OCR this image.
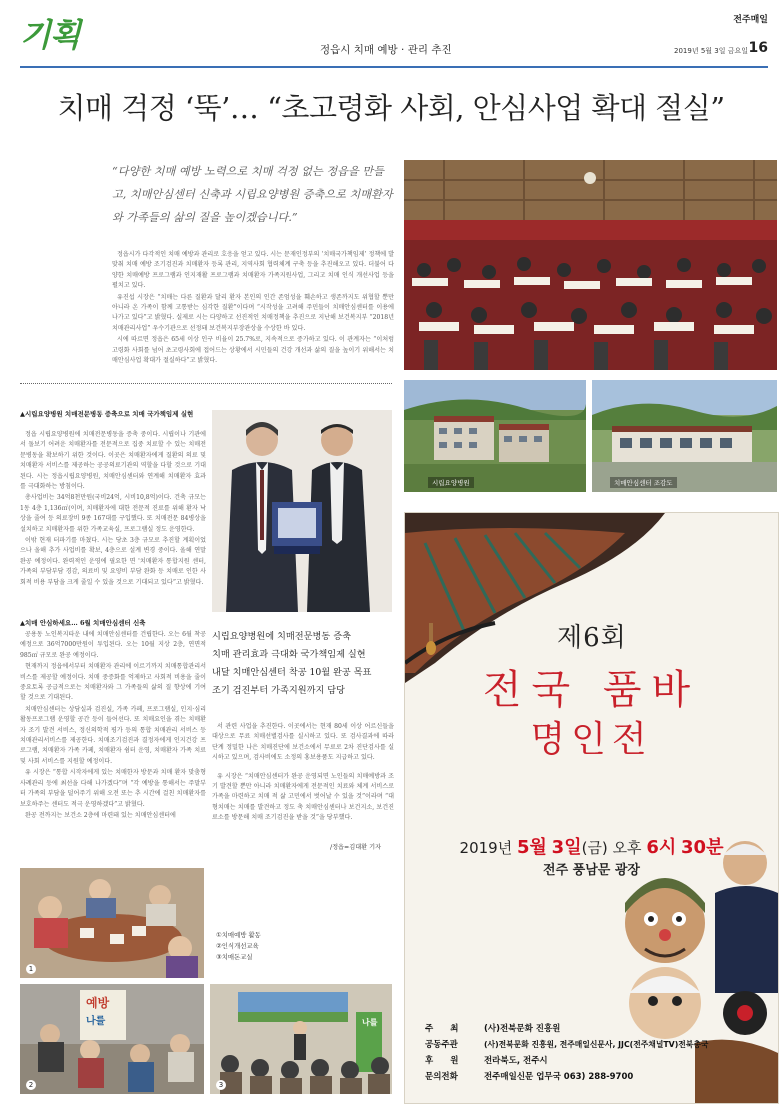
기획	정읍시 치매 예방 · 관리 추진
전주매일
2019년 5월 3일 금요일 16
치매 걱정 ‘뚝’… “초고령화 사회, 안심사업 확대 절실”
“다양한 치매 예방 노력으로 치매 걱정 없는 정읍을 만들고, 치매안심센터 신축과 시립요양병원 증축으로 치매환자와 가족들의 삶의 질을 높이겠습니다.”

정읍시가 다각적인 치매 예방과 관리로 호응을 얻고 있다. 시는 문재인정부의 ‘치매국가책임제’ 정책에 발맞춰 치매 예방 조기검진과 치매환자 등록 관리, 지역사회 협력체계 구축 등을 추진해오고 있다. 더불어 다양한 치매예방 프로그램과 인지재활 프로그램과 치매환자 가족지원사업, 그리고 치매 인식 개선사업 등을 펼치고 있다.

유진섭 시장은 “치매는 다른 질환과 달리 환자 본인의 인간 존엄성을 훼손하고 생존까지도 위협할 뿐만 아니라 온 가족이 함께 고통받는 심각한 질환”이다며 “시작성을 고려해 주민들이 치매안심센터를 이용에 나가고 있다”고 밝혔다. 실제로 시는 다양하고 선진적인 치매정책을 추진으로 지난해 보건복지부 “2018년 치매관리사업” 우수기관으로 선정돼 보건복지부장관상을 수상한 바 있다.

시에 따르면 정읍은 65세 이상 인구 비율이 25.7%로, 지속적으로 증가하고 있다. 이 관계자는 “이처럼 고령화 사회를 넘어 초고령사회에 접어드는 상황에서 시민들의 건강 개선과 삶의 질을 높이기 위해서는 치매안심사업 확대가 절실하다”고 밝혔다.

시립요양병원	치매안심센터 조감도
▲시립요양병원 치매전문병동 증축으로 치매 국가책임제 실현

정읍 시립요양병원에 치매전문병동을 증축 중이다. 시립이나 기관에서 돌보기 어려운 치매환자를 전문적으로 집중 치료할 수 있는 치매전문병동을 확보하기 위한 것이다. 이곳은 치매환자에게 질환의 의료 및 치매환자 서비스를 제공하는 공공의료기관의 역할을 다할 것으로 기대된다. 시는 정읍시립요양병원, 치매안심센터와 연계해 치매환자 효과를 극대화하는 방침이다.

총사업비는 34억8천만원(국비24억, 시비10,8억)이다. 건축 규모는 1동 4층 1,136㎡(이며, 치매환자에 대한 전문적 진료를 위해 환자 낙상을 줄여 등 의료장비 9종 167대를 구입했다. 또 치매전문 84병상을 설치하고 치매환자를 위한 가족교육실, 프로그램실 정도 운영한다.

이밖 현재 터파기를 마쳤다. 시는 당초 3층 규모로 추진할 계획이었으나 올해 추가 사업비를 확보, 4층으로 설계 변경 중이다. 올해 연말 완공 예정이다. 완력적인 운영에 필요한 면 '치매환자 통합지원 센터, 가족의 부담부담 경감, 의료비 및 요양비 부담 완화 등 치매로 인한 사회적 비용 부담을 크게 줄일 수 있을 것으로 기대되고 있다”고 밝혔다.

▲치매 안심하세요… 6월 치매안심센터 신축

공용동 노인복지타운 내에 치매안심센터를 건립한다. 오는 6월 착공 예정으로 36억7000만원이 투입된다. 오는 10월 지상 2층, 연면적 985㎡ 규모로 완공 예정이다.

현재까지 정읍에서부터 치매환자 관리에 이르기까지 치매통합관리서비스를 제공할 예정이다. 치매 중증화를 억제하고 사회적 비용을 줄이 중요토록 공급적으로는 치매환자와 그 가족들의 삶의 질 향상에 기여할 것으로 기대된다.

치매안심센터는 상담실과 검진실, 가족 카페, 프로그램실, 인지·심리활동프로그램 운영할 공간 등이 들어선다. 또 치매요인을 겪는 치매환자 조기 발견 서비스, 정신의학적 평가 등의 통합 치매관리 서비스 등 치매관리서비스를 제공한다. 치매조기검진과 결정자에게 인지건강 프로그램, 치매환자 가족 카페, 치매환자 쉼터 운영, 치매환자 가족 치료 및 사회 서비스를 지원할 예정이다.

유 시장은 “통합 시작자에게 있는 치매한자 방문과 치매 환자 맞춤형 사례관리 등에 최선을 다해 나가겠다”며 “각 예방을 통해서는 주말부터 가족의 부담을 덜어주기 위해 오전 또는 추 시간에 걸친 치매환자를 보호하주는 센터도 적극 운영하겠다”고 밝혔다.

완공 전까지는 보건소 2층에 마련돼 있는 치매안심센터에

시립요양병원에 치매전문병동 증축
치매 관리효과 극대화 국가책임제 실현
내달 치매안심센터 착공 10월 완공 목표
조기 검진부터 가족지원까지 담당

서 관련 사업을 추진한다. 이곳에서는 현재 80세 이상 어르신들을 대상으로 무료 치매선별검사를 실시하고 있다. 또 검사결과에 따라 단계 정밀한 나은 치매진단에 보건소에서 무료로 2차 진단검사를 실시하고 있으며, 검사비에도 소정의 홍보용품도 지급하고 있다.

유 시장은 “치매안심센터가 완공 운영되면 노인들의 치매예방과 조기 발견할 뿐만 아니라 치매환자에게 전문적인 치료와 체계 서비스로 가족을 마련하고 치매 적 삶 고민에서 벗어날 수 있을 것”이라며 “대형치매는 치매를 발견하고 정도 축 치매안심센터나 보건지소, 보건진료소를 방문해 치매 조기검진을 받을 것”을 당부했다.

/정읍=김대환 기자
1
①치매예방 활동
②인식개선교육
③치매돈교실
예방
나를
2
나를
3
제6회
전국 품바
명인전
2019년 5월 3일(금) 오후 6시 30분
전주 풍남문 광장
주　　최	(사)전북문화 진흥원
공동주관	(사)전북문화 진흥원, 전주매일신문사, JJC(전주채널TV)전북총국
후　　원	전라북도, 전주시
문의전화	전주매일신문 업무국 063) 288-9700
